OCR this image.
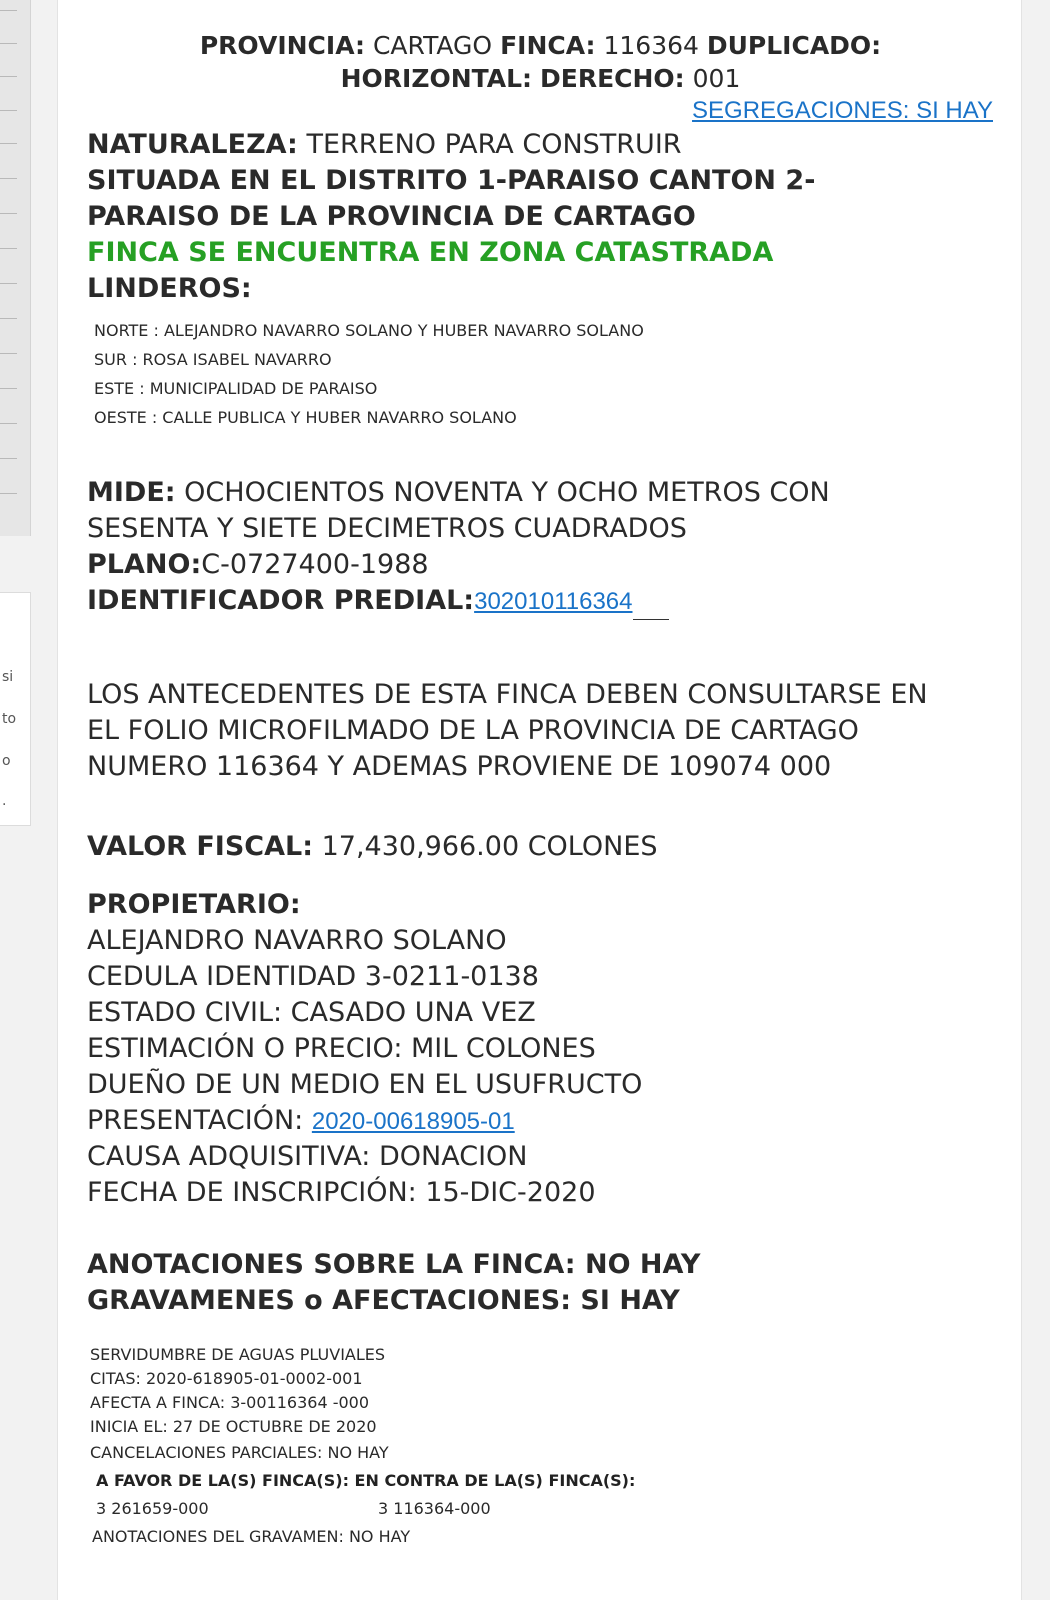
si
to
o
.
PROVINCIA: CARTAGO FINCA: 116364 DUPLICADO:
HORIZONTAL: DERECHO: 001
SEGREGACIONES: SI HAY
NATURALEZA: TERRENO PARA CONSTRUIR
SITUADA EN EL DISTRITO 1-PARAISO CANTON 2-
PARAISO DE LA PROVINCIA DE CARTAGO
FINCA SE ENCUENTRA EN ZONA CATASTRADA
LINDEROS:
NORTE : ALEJANDRO NAVARRO SOLANO Y HUBER NAVARRO SOLANO
SUR : ROSA ISABEL NAVARRO
ESTE : MUNICIPALIDAD DE PARAISO
OESTE : CALLE PUBLICA Y HUBER NAVARRO SOLANO
MIDE: OCHOCIENTOS NOVENTA Y OCHO METROS CON
SESENTA Y SIETE DECIMETROS CUADRADOS
PLANO:C-0727400-1988
IDENTIFICADOR PREDIAL:302010116364
LOS ANTECEDENTES DE ESTA FINCA DEBEN CONSULTARSE EN
EL FOLIO MICROFILMADO DE LA PROVINCIA DE CARTAGO
NUMERO 116364 Y ADEMAS PROVIENE DE 109074 000
VALOR FISCAL: 17,430,966.00 COLONES
PROPIETARIO:
ALEJANDRO NAVARRO SOLANO
CEDULA IDENTIDAD 3-0211-0138
ESTADO CIVIL: CASADO UNA VEZ
ESTIMACIÓN O PRECIO: MIL COLONES
DUEÑO DE UN MEDIO EN EL USUFRUCTO
PRESENTACIÓN: 2020-00618905-01
CAUSA ADQUISITIVA: DONACION
FECHA DE INSCRIPCIÓN: 15-DIC-2020
ANOTACIONES SOBRE LA FINCA: NO HAY
GRAVAMENES o AFECTACIONES: SI HAY
SERVIDUMBRE DE AGUAS PLUVIALES
CITAS: 2020-618905-01-0002-001
AFECTA A FINCA: 3-00116364 -000
INICIA EL: 27 DE OCTUBRE DE 2020
CANCELACIONES PARCIALES: NO HAY
A FAVOR DE LA(S) FINCA(S): EN CONTRA DE LA(S) FINCA(S):
3 261659-000	3 116364-000
ANOTACIONES DEL GRAVAMEN: NO HAY
